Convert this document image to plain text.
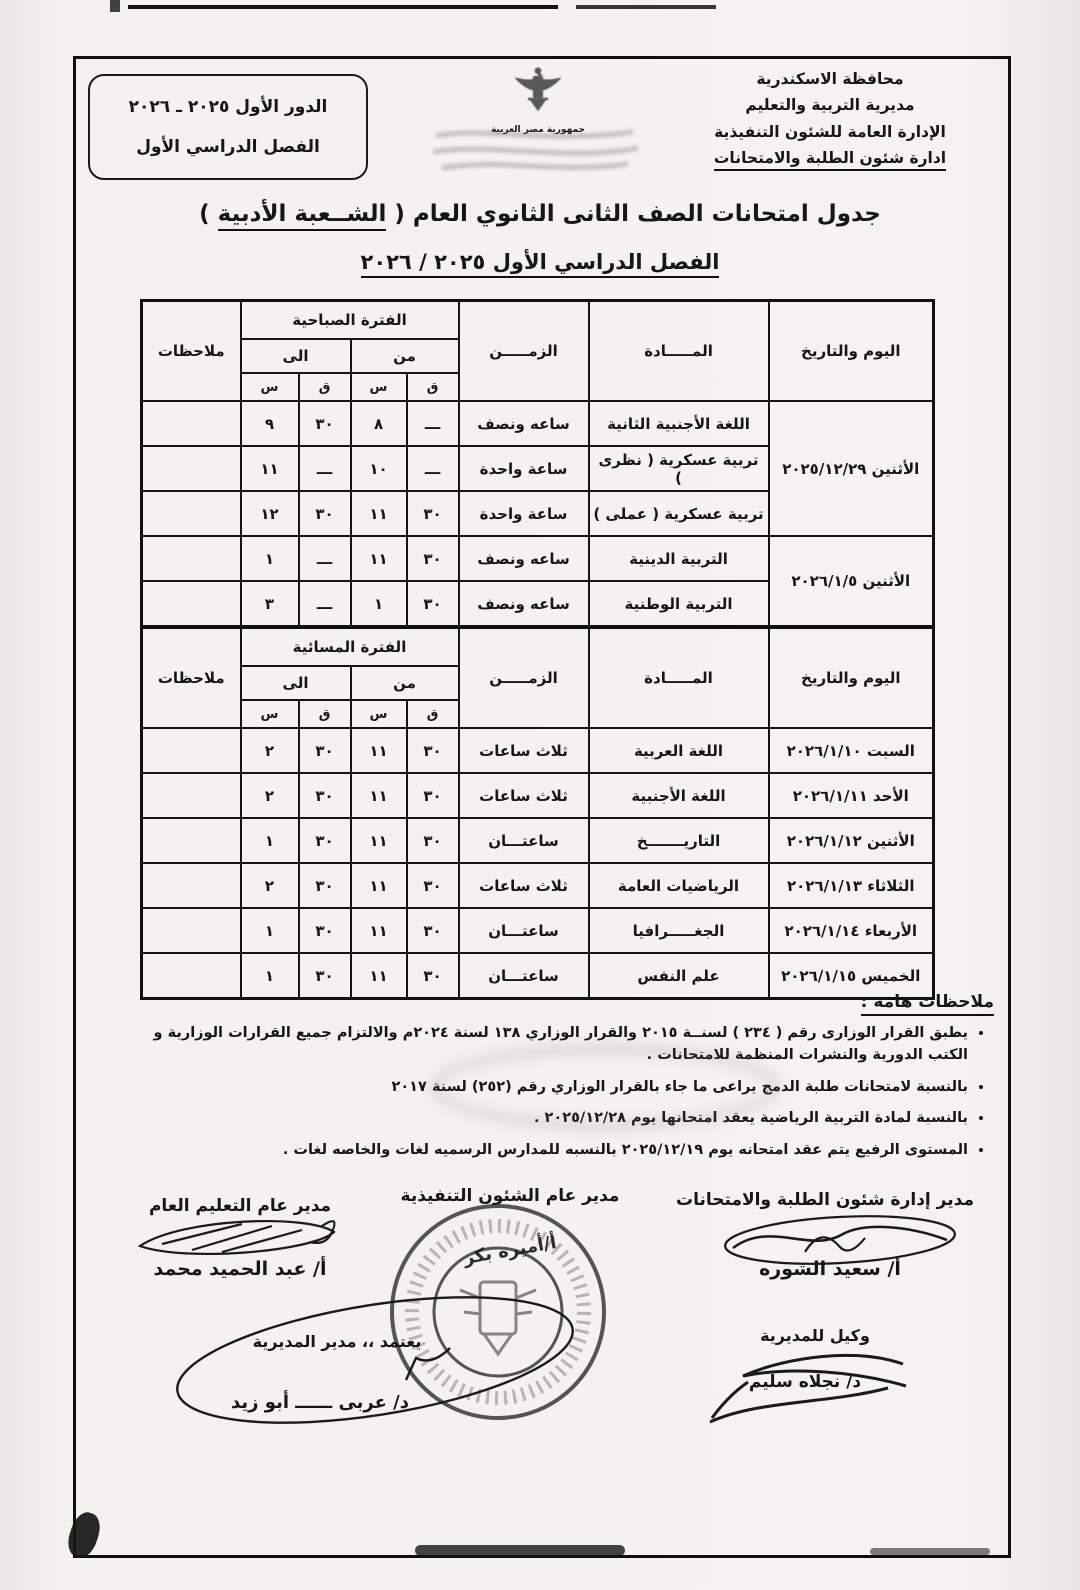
محافظة الاسكندرية
مديرية التربية والتعليم
الإدارة العامة للشئون التنفيذية
ادارة شئون الطلبة والامتحانات
الدور الأول ٢٠٢٥ ـ ٢٠٢٦
الفصل الدراسي الأول
جمهورية مصر العربية
جدول امتحانات الصف الثانى الثانوي العام ( الشــعبة الأدبية )
الفصل الدراسي الأول ٢٠٢٥ / ٢٠٢٦
اليوم والتاريخ	المـــــادة	الزمـــــن	الفترة الصباحية				ملاحظات
			من		الى		
			ق	س	ق	س	
الأثنين ٢٠٢٥/١٢/٢٩	اللغة الأجنبية الثانية	ساعه ونصف	ـــ	٨	٣٠	٩	
	تربية عسكرية ( نظرى )	ساعة واحدة	ـــ	١٠	ـــ	١١	
	تربية عسكرية ( عملى )	ساعة واحدة	٣٠	١١	٣٠	١٢	
الأثنين ٢٠٢٦/١/٥	التربية الدينية	ساعه ونصف	٣٠	١١	ـــ	١	
	التربية الوطنية	ساعه ونصف	٣٠	١	ـــ	٣	
اليوم والتاريخ	المـــــادة	الزمـــــن	الفترة المسائية				ملاحظات
			من		الى		
			ق	س	ق	س	
السبت ٢٠٢٦/١/١٠	اللغة العربية	ثلاث ساعات	٣٠	١١	٣٠	٢	
الأحد ٢٠٢٦/١/١١	اللغة الأجنبية	ثلاث ساعات	٣٠	١١	٣٠	٢	
الأثنين ٢٠٢٦/١/١٢	التاريـــــــخ	ساعتـــان	٣٠	١١	٣٠	١	
الثلاثاء ٢٠٢٦/١/١٣	الرياضيات العامة	ثلاث ساعات	٣٠	١١	٣٠	٢	
الأربعاء ٢٠٢٦/١/١٤	الجغـــــرافيا	ساعتـــان	٣٠	١١	٣٠	١	
الخميس ٢٠٢٦/١/١٥	علم النفس	ساعتـــان	٣٠	١١	٣٠	١	
ملاحظات هامة :
• يطبق القرار الوزارى رقم ( ٢٣٤ ) لسنــة ٢٠١٥ والقرار الوزاري ١٣٨ لسنة ٢٠٢٤م والالتزام جميع القرارات الوزارية و الكتب الدورية والنشرات المنظمة للامتحانات .
• بالنسبة لامتحانات طلبة الدمج يراعى ما جاء بالقرار الوزاري رقم (٢٥٢) لسنة ٢٠١٧
• بالنسبة لمادة التربية الرياضية يعقد امتحانها يوم ٢٠٢٥/١٢/٢٨ .
• المستوى الرفيع يتم عقد امتحانه يوم ٢٠٢٥/١٢/١٩ بالنسبه للمدارس الرسميه لغات والخاصه لغات .
مدير إدارة شئون الطلبة والامتحانات
أ/ سعيد الشوره
وكيل للمديرية
د/ نجلاه سليم
مدير عام التعليم العام
أ/ عبد الحميد محمد
مدير عام الشئون التنفيذية
أ/أميره بكر
يعتمد ،، مدير المديرية
د/ عربى ــــــ أبو زيد
